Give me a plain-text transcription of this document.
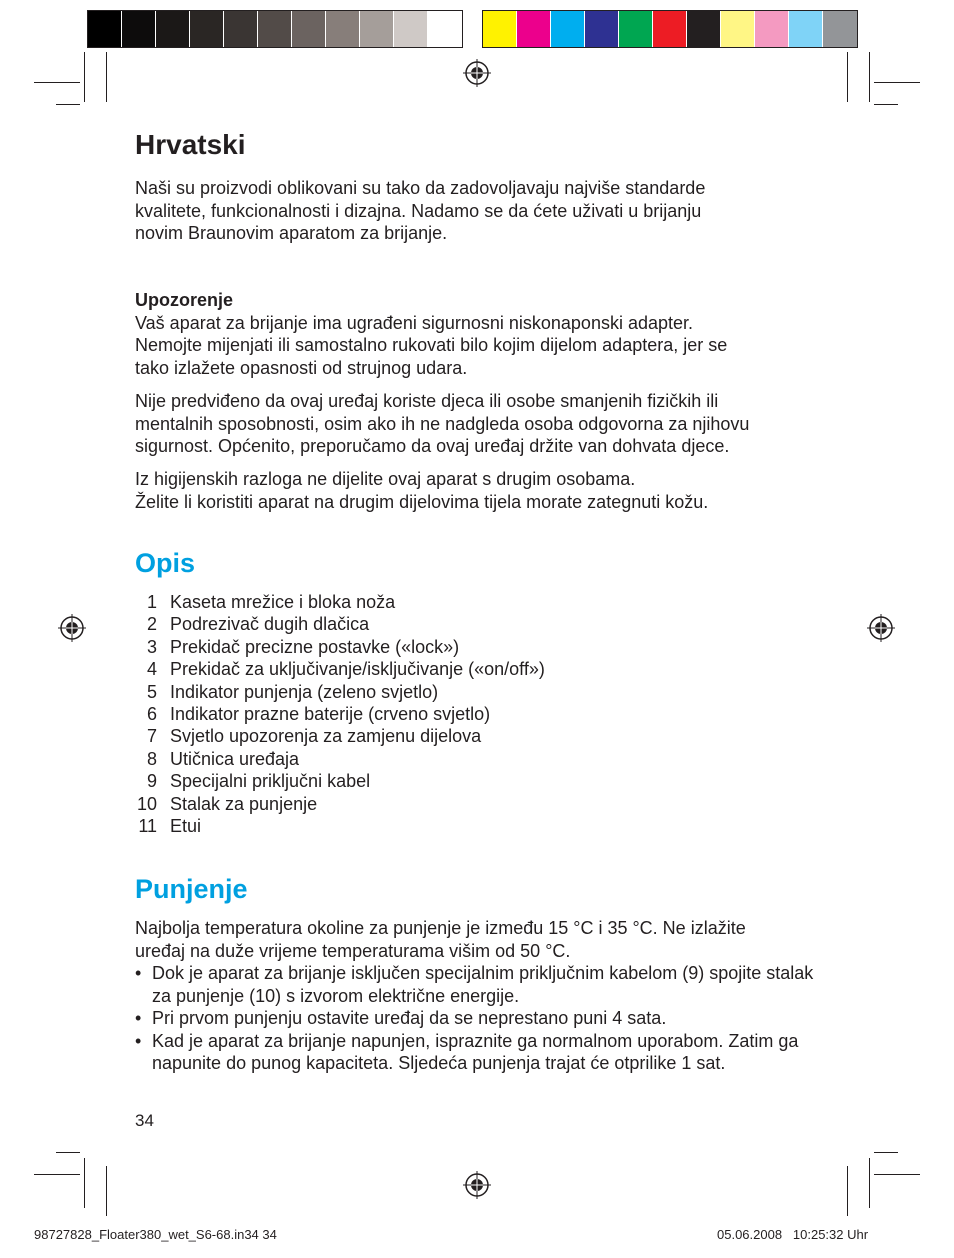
Hrvatski

Naši su proizvodi oblikovani su tako da zadovoljavaju najviše standarde
kvalitete, funkcionalnosti i dizajna. Nadamo se da ćete uživati u brijanju
novim Braunovim aparatom za brijanje.

Upozorenje
Vaš aparat za brijanje ima ugrađeni sigurnosni niskonaponski adapter.
Nemojte mijenjati ili samostalno rukovati bilo kojim dijelom adaptera, jer se
tako izlažete opasnosti od strujnog udara.

Nije predviđeno da ovaj uređaj koriste djeca ili osobe smanjenih fizičkih ili
mentalnih sposobnosti, osim ako ih ne nadgleda osoba odgovorna za njihovu
sigurnost. Općenito, preporučamo da ovaj uređaj držite van dohvata djece.

Iz higijenskih razloga ne dijelite ovaj aparat s drugim osobama.
Želite li koristiti aparat na drugim dijelovima tijela morate zategnuti kožu.

Opis
1 Kaseta mrežice i bloka noža
2 Podrezivač dugih dlačica
3 Prekidač precizne postavke («lock»)
4 Prekidač za uključivanje/isključivanje («on/off»)
5 Indikator punjenja (zeleno svjetlo)
6 Indikator prazne baterije (crveno svjetlo)
7 Svjetlo upozorenja za zamjenu dijelova
8 Utičnica uređaja
9 Specijalni priključni kabel
10 Stalak za punjenje
11 Etui
Punjenje

Najbolja temperatura okoline za punjenje je između 15 °C i 35 °C. Ne izlažite
uređaj na duže vrijeme temperaturama višim od 50 °C.

• Dok je aparat za brijanje isključen specijalnim priključnim kabelom (9) spojite stalak za punjenje (10) s izvorom električne energije.
• Pri prvom punjenju ostavite uređaj da se neprestano puni 4 sata.
• Kad je aparat za brijanje napunjen, ispraznite ga normalnom uporabom. Zatim ga napunite do punog kapaciteta. Sljedeća punjenja trajat će otprilike 1 sat.
34
98727828_Floater380_wet_S6-68.in34 34	05.06.2008   10:25:32 Uhr
